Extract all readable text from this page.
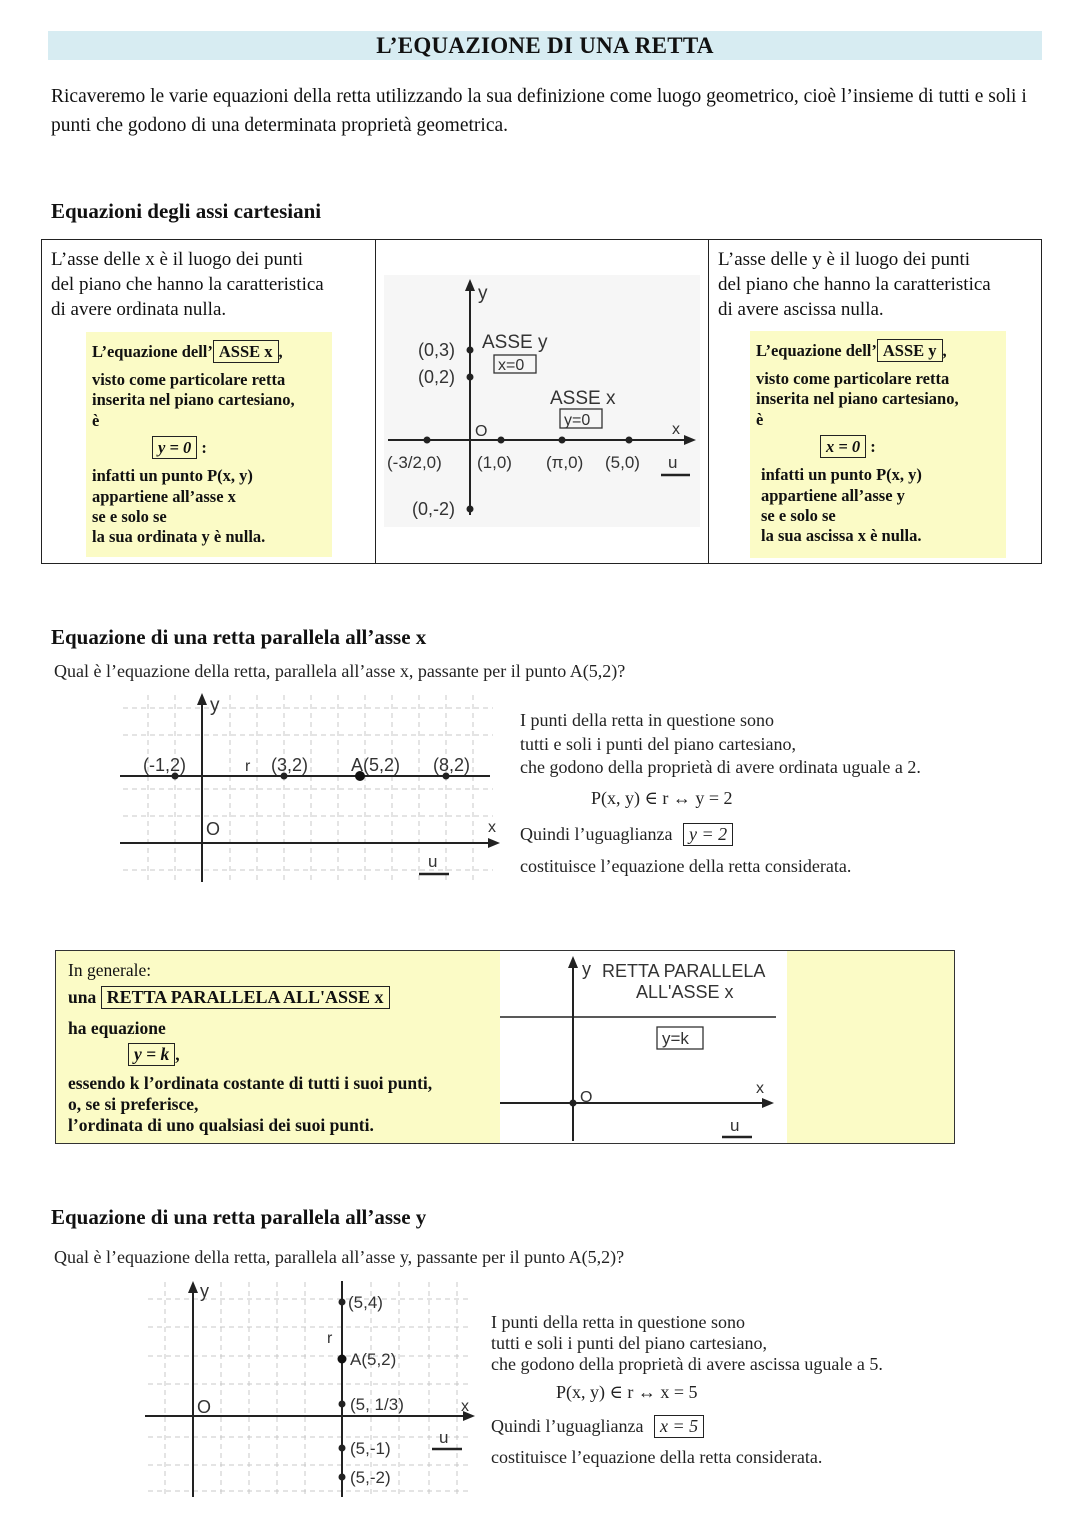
L’EQUAZIONE DI UNA RETTA
Ricaveremo le varie equazioni della retta utilizzando la sua definizione come luogo geometrico, cioè l’insieme di tutti e soli i punti che godono di una determinata proprietà geometrica.
Equazioni degli assi cartesiani
L’asse delle x è il luogo dei punti
del piano che hanno la caratteristica
di avere ordinata nulla.
L’equazione dell’ ASSE x ,
visto come particolare retta
inserita nel piano cartesiano,
è
y = 0 :
infatti un punto P(x, y)
appartiene all’asse x
se e solo se
la sua ordinata y è nulla.
y
x
O
u
ASSE y
x=0
ASSE x
y=0
(0,3)
(0,2)
(0,-2)
(-3/2,0) (1,0) (π,0) (5,0)
L’asse delle y è il luogo dei punti
del piano che hanno la caratteristica
di avere ascissa nulla.
L’equazione dell’ ASSE y ,
visto come particolare retta
inserita nel piano cartesiano,
è
x = 0 :
infatti un punto P(x, y)
appartiene all’asse y
se e solo se
la sua ascissa x è nulla.
Equazione di una retta parallela all’asse x
Qual è l’equazione della retta, parallela all’asse x, passante per il punto A(5,2)?
y
x
O
u
r
(-1,2)	(3,2) A(5,2) (8,2)
I punti della retta in questione sono
tutti e soli i punti del piano cartesiano,
che godono della proprietà di avere ordinata uguale a 2.
P(x, y) ∈ r ↔ y = 2
Quindi l’uguaglianza y = 2
costituisce l’equazione della retta considerata.
In generale:
una RETTA PARALLELA ALL'ASSE x
ha equazione
y = k ,
essendo k l’ordinata costante di tutti i suoi punti,
o, se si preferisce,
l’ordinata di uno qualsiasi dei suoi punti.
y RETTA PARALLELA
ALL'ASSE x
y=k
x
O
u
Equazione di una retta parallela all’asse y
Qual è l’equazione della retta, parallela all’asse y, passante per il punto A(5,2)?
y
x
O
u
r
(5,4)
A(5,2)
(5, 1/3)
(5,-1)
(5,-2)
I punti della retta in questione sono
tutti e soli i punti del piano cartesiano,
che godono della proprietà di avere ascissa uguale a 5.
P(x, y) ∈ r ↔ x = 5
Quindi l’uguaglianza x = 5
costituisce l’equazione della retta considerata.
